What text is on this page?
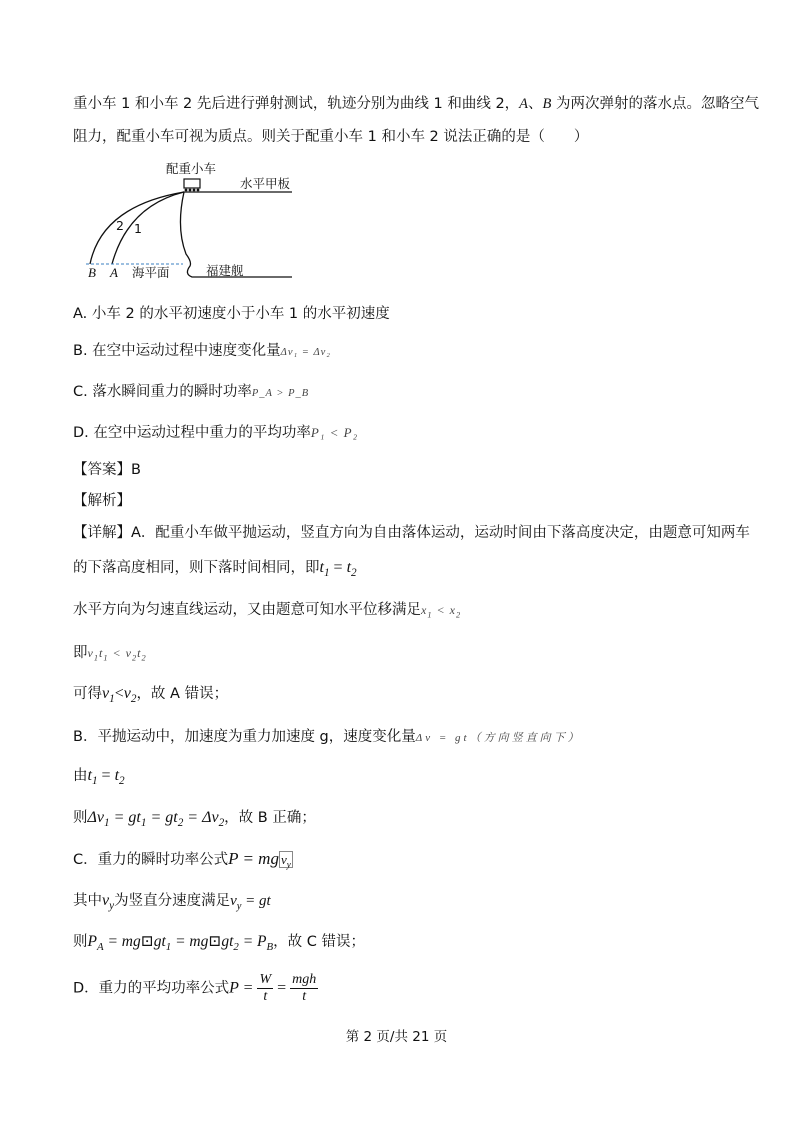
重小车 1 和小车 2 先后进行弹射测试，轨迹分别为曲线 1 和曲线 2，A、B 为两次弹射的落水点。忽略空气
阻力，配重小车可视为质点。则关于配重小车 1 和小车 2 说法正确的是（　　）
配重小车
水平甲板
2 1
B A 海平面	福建舰
A. 小车 2 的水平初速度小于小车 1 的水平初速度
B. 在空中运动过程中速度变化量Δv₁ = Δv₂
C. 落水瞬间重力的瞬时功率P_A > P_B
D. 在空中运动过程中重力的平均功率P₁ < P₂
【答案】B
【解析】
【详解】A．配重小车做平抛运动，竖直方向为自由落体运动，运动时间由下落高度决定，由题意可知两车
的下落高度相同，则下落时间相同，即$t_1 = t_2$
水平方向为匀速直线运动，又由题意可知水平位移满足$x_1 < x_2$
即$v_1t_1 < v_2t_2$
可得$v_1<v_2$，故 A 错误；
B．平抛运动中，加速度为重力加速度 g，速度变化量Δv = gt（方向竖直向下）
由$t_1 = t_2$
则$\Delta v_1 = gt_1 = gt_2 = \Delta v_2$，故 B 正确；
C．重力的瞬时功率公式P = mg $v_y$
其中$v_y$为竖直分速度满足$v_y$ = gt
则$P_A$ = $mg⊡gt_1$ = $mg⊡gt_2 = P_B$，故 C 错误；
D．重力的平均功率公式$P = \frac{W}{t} = \frac{\text{mgh}}{t}$
第 2 页/共 21 页
